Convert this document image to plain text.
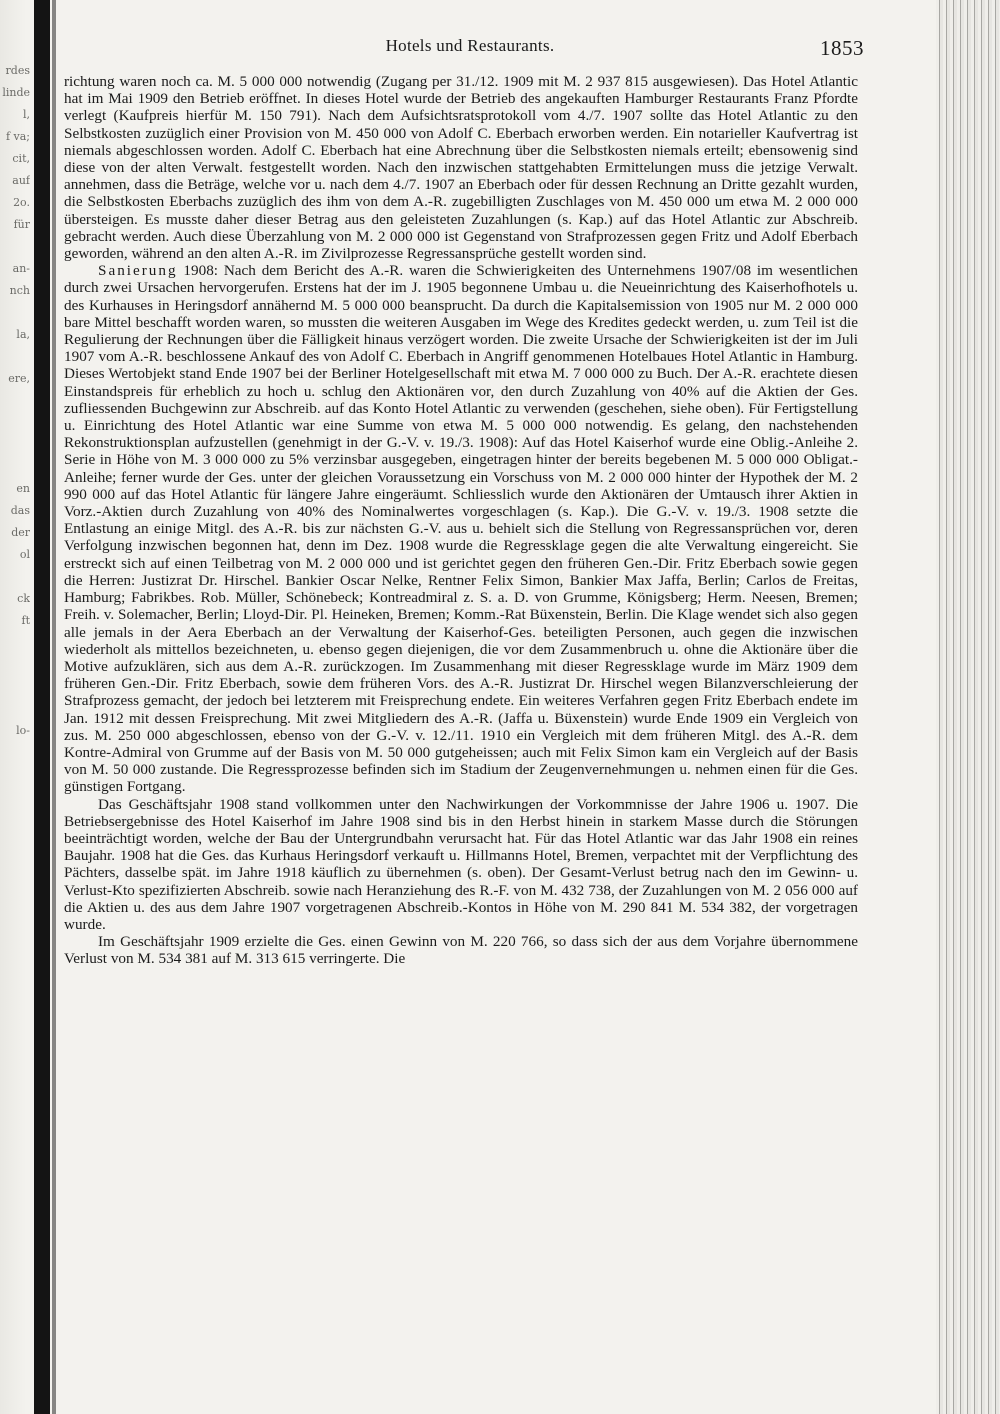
rdes
linde
l,
f va;
cit,
auf
2o.
für

an-
nch

la,

ere,

en
das
der
ol

ck
ft

lo-
Hotels und Restaurants.	1853

richtung waren noch ca. M. 5 000 000 notwendig (Zugang per 31./12. 1909 mit M. 2 937 815 ausgewiesen). Das Hotel Atlantic hat im Mai 1909 den Betrieb eröffnet. In dieses Hotel wurde der Betrieb des angekauften Hamburger Restaurants Franz Pfordte verlegt (Kaufpreis hierfür M. 150 791). Nach dem Aufsichtsratsprotokoll vom 4./7. 1907 sollte das Hotel Atlantic zu den Selbstkosten zuzüglich einer Provision von M. 450 000 von Adolf C. Eberbach erworben werden. Ein notarieller Kaufvertrag ist niemals abgeschlossen worden. Adolf C. Eberbach hat eine Abrechnung über die Selbstkosten niemals erteilt; ebensowenig sind diese von der alten Verwalt. festgestellt worden. Nach den inzwischen stattgehabten Ermittelungen muss die jetzige Verwalt. annehmen, dass die Beträge, welche vor u. nach dem 4./7. 1907 an Eberbach oder für dessen Rechnung an Dritte gezahlt wurden, die Selbstkosten Eberbachs zuzüglich des ihm von dem A.-R. zugebilligten Zuschlages von M. 450 000 um etwa M. 2 000 000 übersteigen. Es musste daher dieser Betrag aus den geleisteten Zuzahlungen (s. Kap.) auf das Hotel Atlantic zur Abschreib. gebracht werden. Auch diese Überzahlung von M. 2 000 000 ist Gegenstand von Strafprozessen gegen Fritz und Adolf Eberbach geworden, während an den alten A.-R. im Zivilprozesse Regressansprüche gestellt worden sind.

Sanierung 1908: Nach dem Bericht des A.-R. waren die Schwierigkeiten des Unternehmens 1907/08 im wesentlichen durch zwei Ursachen hervorgerufen. Erstens hat der im J. 1905 begonnene Umbau u. die Neueinrichtung des Kaiserhofhotels u. des Kurhauses in Heringsdorf annähernd M. 5 000 000 beansprucht. Da durch die Kapitalsemission von 1905 nur M. 2 000 000 bare Mittel beschafft worden waren, so mussten die weiteren Ausgaben im Wege des Kredites gedeckt werden, u. zum Teil ist die Regulierung der Rechnungen über die Fälligkeit hinaus verzögert worden. Die zweite Ursache der Schwierigkeiten ist der im Juli 1907 vom A.-R. beschlossene Ankauf des von Adolf C. Eberbach in Angriff genommenen Hotelbaues Hotel Atlantic in Hamburg. Dieses Wertobjekt stand Ende 1907 bei der Berliner Hotelgesellschaft mit etwa M. 7 000 000 zu Buch. Der A.-R. erachtete diesen Einstandspreis für erheblich zu hoch u. schlug den Aktionären vor, den durch Zuzahlung von 40% auf die Aktien der Ges. zufliessenden Buchgewinn zur Abschreib. auf das Konto Hotel Atlantic zu verwenden (geschehen, siehe oben). Für Fertigstellung u. Einrichtung des Hotel Atlantic war eine Summe von etwa M. 5 000 000 notwendig. Es gelang, den nachstehenden Rekonstruktionsplan aufzustellen (genehmigt in der G.-V. v. 19./3. 1908): Auf das Hotel Kaiserhof wurde eine Oblig.-Anleihe 2. Serie in Höhe von M. 3 000 000 zu 5% verzinsbar ausgegeben, eingetragen hinter der bereits begebenen M. 5 000 000 Obligat.-Anleihe; ferner wurde der Ges. unter der gleichen Voraussetzung ein Vorschuss von M. 2 000 000 hinter der Hypothek der M. 2 990 000 auf das Hotel Atlantic für längere Jahre eingeräumt. Schliesslich wurde den Aktionären der Umtausch ihrer Aktien in Vorz.-Aktien durch Zuzahlung von 40% des Nominalwertes vorgeschlagen (s. Kap.). Die G.-V. v. 19./3. 1908 setzte die Entlastung an einige Mitgl. des A.-R. bis zur nächsten G.-V. aus u. behielt sich die Stellung von Regressansprüchen vor, deren Verfolgung inzwischen begonnen hat, denn im Dez. 1908 wurde die Regressklage gegen die alte Verwaltung eingereicht. Sie erstreckt sich auf einen Teilbetrag von M. 2 000 000 und ist gerichtet gegen den früheren Gen.-Dir. Fritz Eberbach sowie gegen die Herren: Justizrat Dr. Hirschel. Bankier Oscar Nelke, Rentner Felix Simon, Bankier Max Jaffa, Berlin; Carlos de Freitas, Hamburg; Fabrikbes. Rob. Müller, Schönebeck; Kontreadmiral z. S. a. D. von Grumme, Königsberg; Herm. Neesen, Bremen; Freih. v. Solemacher, Berlin; Lloyd-Dir. Pl. Heineken, Bremen; Komm.-Rat Büxenstein, Berlin. Die Klage wendet sich also gegen alle jemals in der Aera Eberbach an der Verwaltung der Kaiserhof-Ges. beteiligten Personen, auch gegen die inzwischen wiederholt als mittellos bezeichneten, u. ebenso gegen diejenigen, die vor dem Zusammenbruch u. ohne die Aktionäre über die Motive aufzuklären, sich aus dem A.-R. zurückzogen. Im Zusammenhang mit dieser Regressklage wurde im März 1909 dem früheren Gen.-Dir. Fritz Eberbach, sowie dem früheren Vors. des A.-R. Justizrat Dr. Hirschel wegen Bilanzverschleierung der Strafprozess gemacht, der jedoch bei letzterem mit Freisprechung endete. Ein weiteres Verfahren gegen Fritz Eberbach endete im Jan. 1912 mit dessen Freisprechung. Mit zwei Mitgliedern des A.-R. (Jaffa u. Büxenstein) wurde Ende 1909 ein Vergleich von zus. M. 250 000 abgeschlossen, ebenso von der G.-V. v. 12./11. 1910 ein Vergleich mit dem früheren Mitgl. des A.-R. dem Kontre-Admiral von Grumme auf der Basis von M. 50 000 gutgeheissen; auch mit Felix Simon kam ein Vergleich auf der Basis von M. 50 000 zustande. Die Regressprozesse befinden sich im Stadium der Zeugenvernehmungen u. nehmen einen für die Ges. günstigen Fortgang.

Das Geschäftsjahr 1908 stand vollkommen unter den Nachwirkungen der Vorkommnisse der Jahre 1906 u. 1907. Die Betriebsergebnisse des Hotel Kaiserhof im Jahre 1908 sind bis in den Herbst hinein in starkem Masse durch die Störungen beeinträchtigt worden, welche der Bau der Untergrundbahn verursacht hat. Für das Hotel Atlantic war das Jahr 1908 ein reines Baujahr. 1908 hat die Ges. das Kurhaus Heringsdorf verkauft u. Hillmanns Hotel, Bremen, verpachtet mit der Verpflichtung des Pächters, dasselbe spät. im Jahre 1918 käuflich zu übernehmen (s. oben). Der Gesamt-Verlust betrug nach den im Gewinn- u. Verlust-Kto spezifizierten Abschreib. sowie nach Heranziehung des R.-F. von M. 432 738, der Zuzahlungen von M. 2 056 000 auf die Aktien u. des aus dem Jahre 1907 vorgetragenen Abschreib.-Kontos in Höhe von M. 290 841 M. 534 382, der vorgetragen wurde.

Im Geschäftsjahr 1909 erzielte die Ges. einen Gewinn von M. 220 766, so dass sich der aus dem Vorjahre übernommene Verlust von M. 534 381 auf M. 313 615 verringerte. Die
